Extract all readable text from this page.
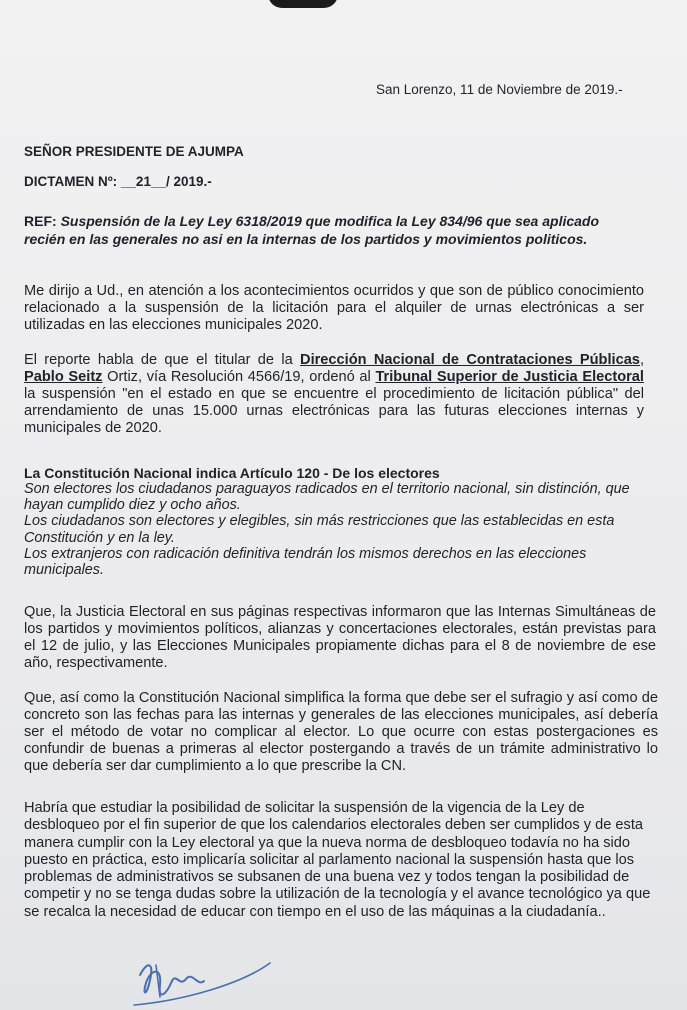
San Lorenzo, 11 de Noviembre de 2019.-
SEÑOR PRESIDENTE DE AJUMPA
DICTAMEN Nº: __21__/ 2019.-
REF: Suspensión de la Ley Ley 6318/2019 que modifica la Ley 834/96 que sea aplicado recién en las generales no asi en la internas de los partidos y movimientos politicos.
Me dirijo a Ud., en atención a los acontecimientos ocurridos y que son de público conocimiento relacionado a la suspensión de la licitación para el alquiler de urnas electrónicas a ser utilizadas en las elecciones municipales 2020.
El reporte habla de que el titular de la Dirección Nacional de Contrataciones Públicas, Pablo Seitz Ortiz, vía Resolución 4566/19, ordenó al Tribunal Superior de Justicia Electoral la suspensión "en el estado en que se encuentre el procedimiento de licitación pública" del arrendamiento de unas 15.000 urnas electrónicas para las futuras elecciones internas y municipales de 2020.
La Constitución Nacional indica Artículo 120 - De los electores
Son electores los ciudadanos paraguayos radicados en el territorio nacional, sin distinción, que hayan cumplido diez y ocho años.
Los ciudadanos son electores y elegibles, sin más restricciones que las establecidas en esta Constitución y en la ley.
Los extranjeros con radicación definitiva tendrán los mismos derechos en las elecciones municipales.
Que, la Justicia Electoral en sus páginas respectivas informaron que las Internas Simultáneas de los partidos y movimientos políticos, alianzas y concertaciones electorales, están previstas para el 12 de julio, y las Elecciones Municipales propiamente dichas para el 8 de noviembre de ese año, respectivamente.
Que, así como la Constitución Nacional simplifica la forma que debe ser el sufragio y así como de concreto son las fechas para las internas y generales de las elecciones municipales, así debería ser el método de votar no complicar al elector. Lo que ocurre con estas postergaciones es confundir de buenas a primeras al elector postergando a través de un trámite administrativo lo que debería ser dar cumplimiento a lo que prescribe la CN.
Habría que estudiar la posibilidad de solicitar la suspensión de la vigencia de la Ley de desbloqueo por el fin superior de que los calendarios electorales deben ser cumplidos y de esta manera cumplir con la Ley electoral ya que la nueva norma de desbloqueo todavía no ha sido puesto en práctica, esto implicaría solicitar al parlamento nacional la suspensión hasta que los problemas de administrativos se subsanen de una buena vez y todos tengan la posibilidad de competir y no se tenga dudas sobre la utilización de la tecnología y el avance tecnológico ya que se recalca la necesidad de educar con tiempo en el uso de las máquinas a la ciudadanía..
